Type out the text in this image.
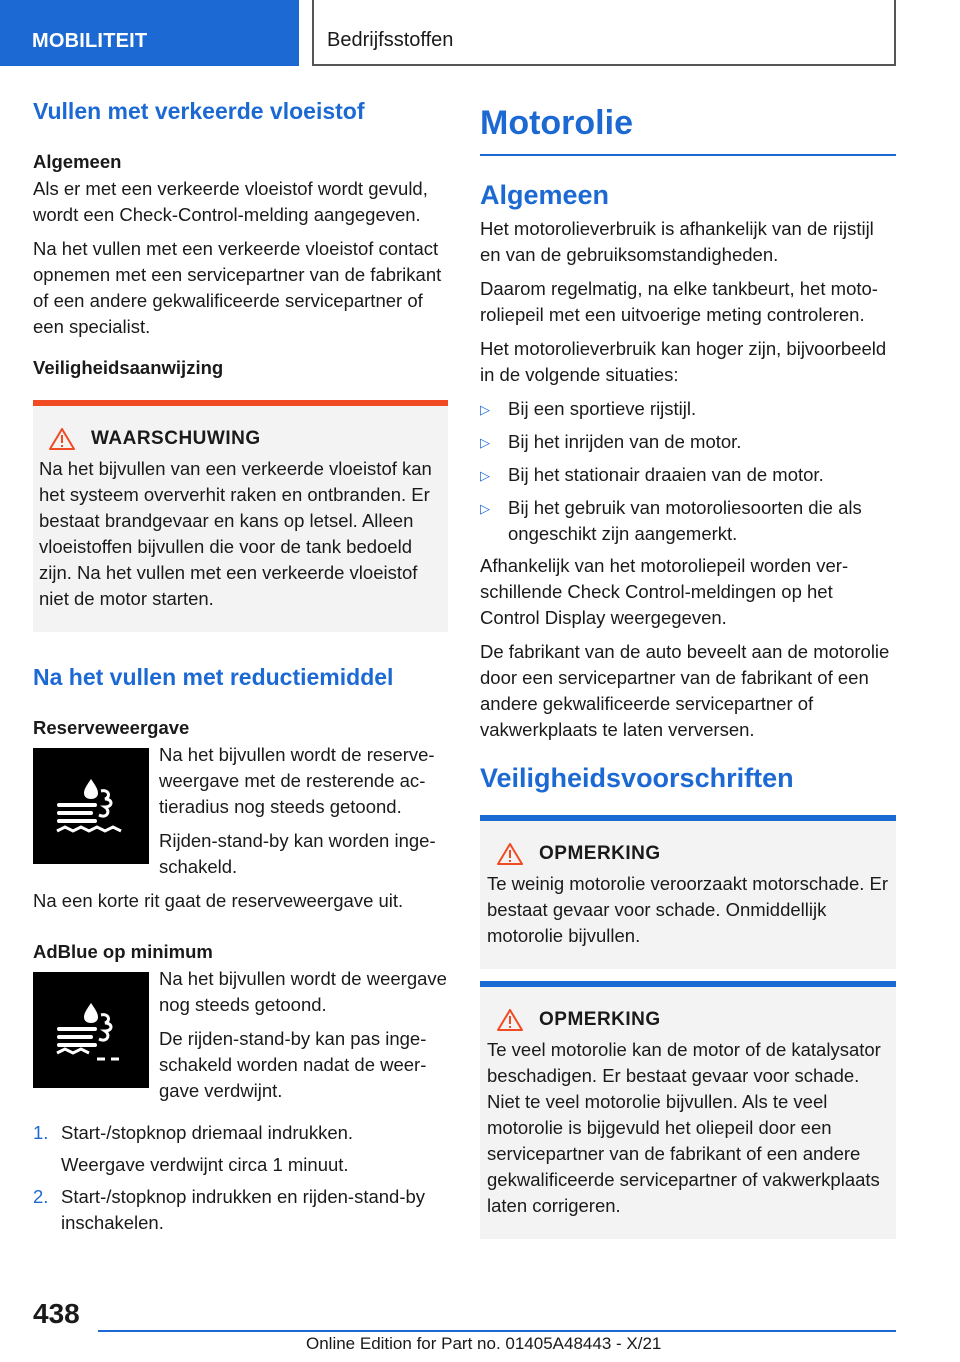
MOBILITEIT	Bedrijfsstoffen
Vullen met verkeerde vloeistof
Algemeen

Als er met een verkeerde vloeistof wordt gevuld, wordt een Check-Control-melding aangegeven.

Na het vullen met een verkeerde vloeistof contact opnemen met een servicepartner van de fabrikant of een andere gekwalificeerde servicepartner of een specialist.

Veiligheidsaanwijzing
WAARSCHUWING

Na het bijvullen van een verkeerde vloeistof kan het systeem oververhit raken en ontbranden. Er bestaat brandgevaar en kans op letsel. Alleen vloeistoffen bijvullen die voor de tank bedoeld zijn. Na het vullen met een verkeerde vloeistof niet de motor starten.

Na het vullen met reductiemiddel
Reserveweergave

Na het bijvullen wordt de reserveweergave met de resterende actieradius nog steeds getoond.

Rijden-stand-by kan worden ingeschakeld.

Na een korte rit gaat de reserveweergave uit.

AdBlue op minimum

Na het bijvullen wordt de weergave nog steeds getoond.

De rijden-stand-by kan pas ingeschakeld worden nadat de weergave verdwijnt.

1. Start-/stopknop driemaal indrukken.
Weergave verdwijnt circa 1 minuut.
2. Start-/stopknop indrukken en rijden-stand-by inschakelen.
Motorolie
Algemeen

Het motorolieverbruik is afhankelijk van de rijstijl en van de gebruiksomstandigheden.

Daarom regelmatig, na elke tankbeurt, het motoroliepeil met een uitvoerige meting controleren.

Het motorolieverbruik kan hoger zijn, bijvoorbeeld in de volgende situaties:

▷ Bij een sportieve rijstijl.
▷ Bij het inrijden van de motor.
▷ Bij het stationair draaien van de motor.
▷ Bij het gebruik van motoroliesoorten die als ongeschikt zijn aangemerkt.

Afhankelijk van het motoroliepeil worden verschillende Check Control-meldingen op het Control Display weergegeven.

De fabrikant van de auto beveelt aan de motorolie door een servicepartner van de fabrikant of een andere gekwalificeerde servicepartner of vakwerkplaats te laten verversen.

Veiligheidsvoorschriften
OPMERKING

Te weinig motorolie veroorzaakt motorschade. Er bestaat gevaar voor schade. Onmiddellijk motorolie bijvullen.

OPMERKING

Te veel motorolie kan de motor of de katalysator beschadigen. Er bestaat gevaar voor schade. Niet te veel motorolie bijvullen. Als te veel motorolie is bijgevuld het oliepeil door een servicepartner van de fabrikant of een andere gekwalificeerde servicepartner of vakwerkplaats laten corrigeren.

438
Online Edition for Part no. 01405A48443 - X/21
